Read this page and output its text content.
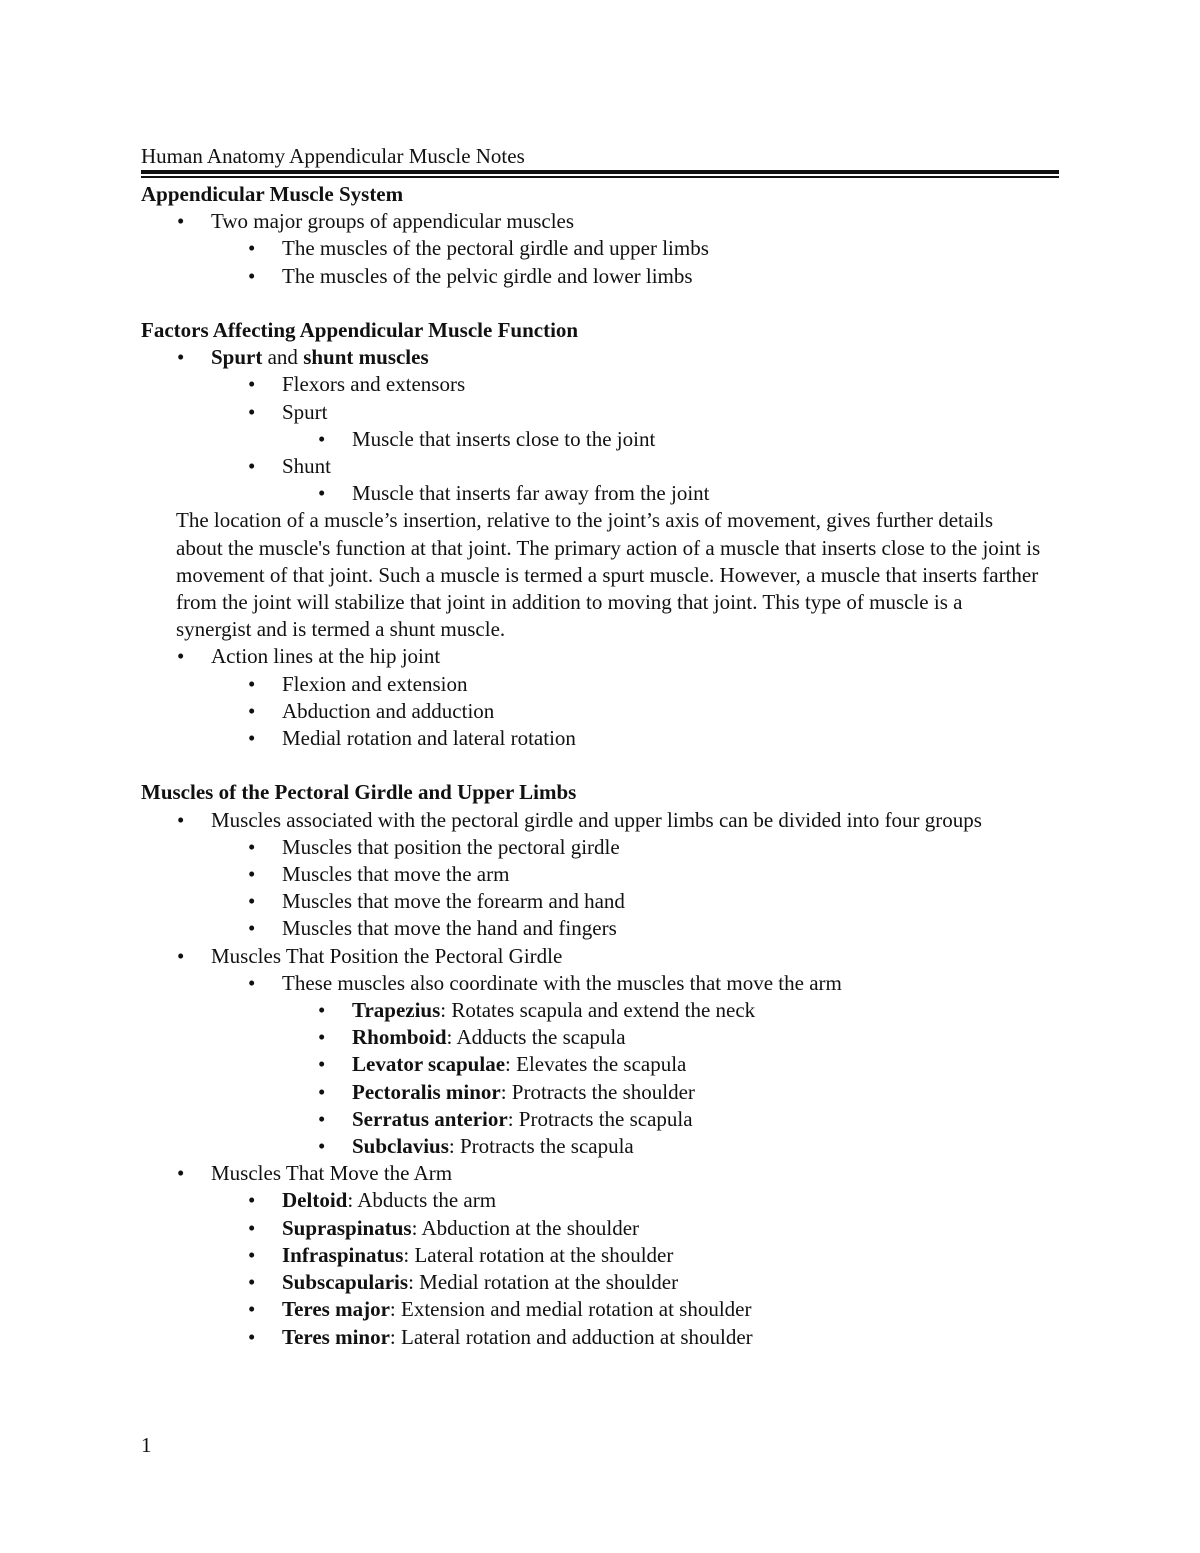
Human Anatomy Appendicular Muscle Notes

Appendicular Muscle System

• Two major groups of appendicular muscles

• The muscles of the pectoral girdle and upper limbs

• The muscles of the pelvic girdle and lower limbs

Factors Affecting Appendicular Muscle Function

• Spurt and shunt muscles

• Flexors and extensors

• Spurt

• Muscle that inserts close to the joint

• Shunt

• Muscle that inserts far away from the joint

The location of a muscle’s insertion, relative to the joint’s axis of movement, gives further details about the muscle's function at that joint. The primary action of a muscle that inserts close to the joint is movement of that joint. Such a muscle is termed a spurt muscle. However, a muscle that inserts farther from the joint will stabilize that joint in addition to moving that joint. This type of muscle is a synergist and is termed a shunt muscle.

• Action lines at the hip joint

• Flexion and extension

• Abduction and adduction

• Medial rotation and lateral rotation

Muscles of the Pectoral Girdle and Upper Limbs

• Muscles associated with the pectoral girdle and upper limbs can be divided into four groups

• Muscles that position the pectoral girdle

• Muscles that move the arm

• Muscles that move the forearm and hand

• Muscles that move the hand and fingers

• Muscles That Position the Pectoral Girdle

• These muscles also coordinate with the muscles that move the arm

• Trapezius: Rotates scapula and extend the neck

• Rhomboid: Adducts the scapula

• Levator scapulae: Elevates the scapula

• Pectoralis minor: Protracts the shoulder

• Serratus anterior: Protracts the scapula

• Subclavius: Protracts the scapula

• Muscles That Move the Arm

• Deltoid: Abducts the arm

• Supraspinatus: Abduction at the shoulder

• Infraspinatus: Lateral rotation at the shoulder

• Subscapularis: Medial rotation at the shoulder

• Teres major: Extension and medial rotation at shoulder

• Teres minor: Lateral rotation and adduction at shoulder

1
